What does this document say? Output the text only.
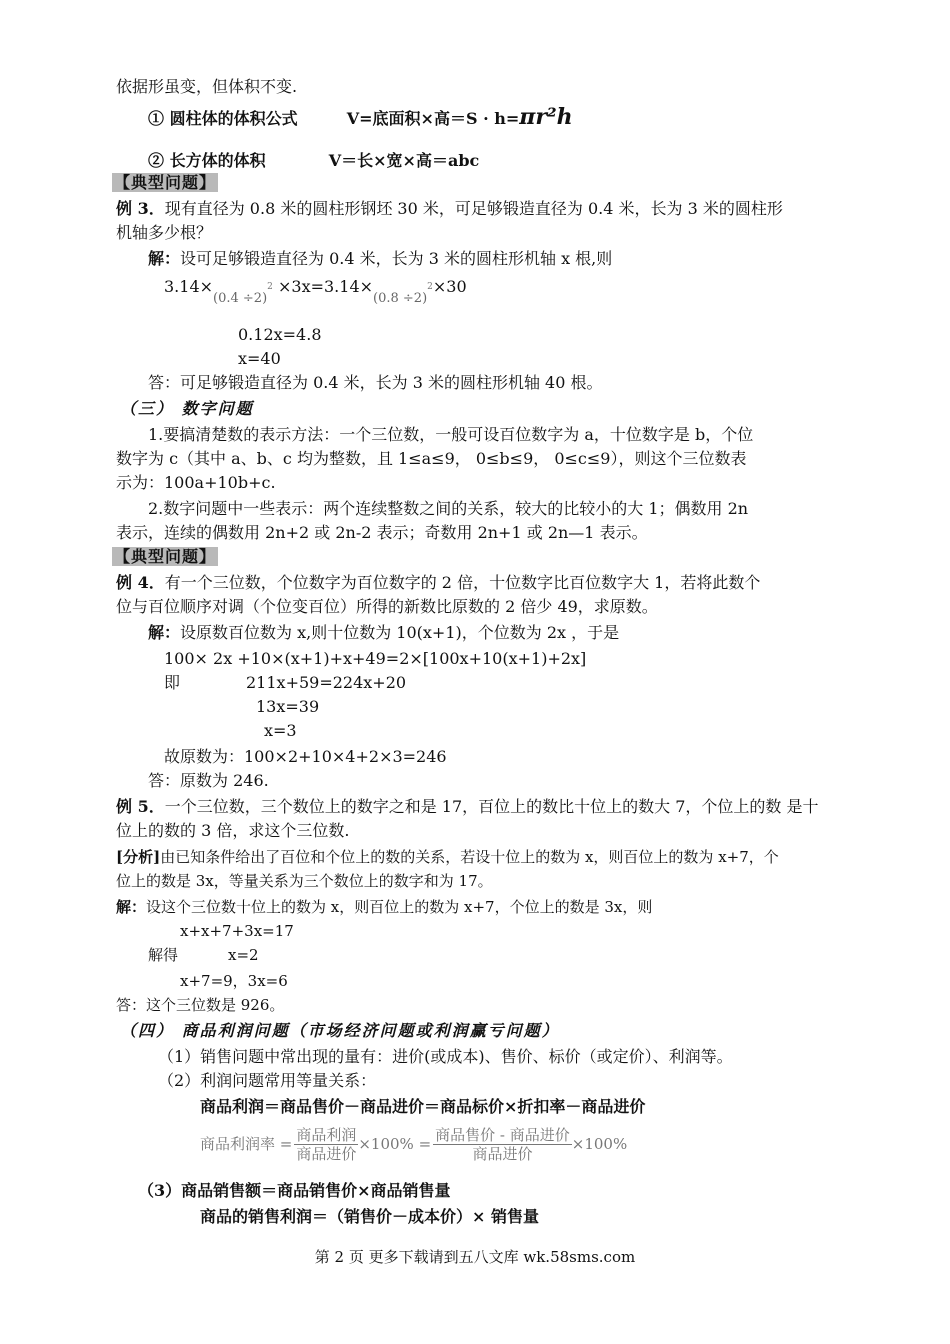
依据形虽变，但体积不变.
① 圆柱体的体积公式	V=底面积×高＝S · h=πr²h
② 长方体的体积	V＝长×宽×高＝abc
【典型问题】
例 3．现有直径为 0.8 米的圆柱形钢坯 30 米，可足够锻造直径为 0.4 米，长为 3 米的圆柱形
机轴多少根？
解：设可足够锻造直径为 0.4 米，长为 3 米的圆柱形机轴 x 根,则
$3.14\times_{(0.4 \div 2)}^2 \times 3x=3.14\times_{(0.8 \div 2)}^2\times 30$
0.12x=4.8
x=40
答：可足够锻造直径为 0.4 米，长为 3 米的圆柱形机轴 40 根。
（三） 数字问题
1.要搞清楚数的表示方法：一个三位数，一般可设百位数字为 a，十位数字是 b，个位
数字为 c（其中 a、b、c 均为整数，且 1≤a≤9， 0≤b≤9， 0≤c≤9），则这个三位数表
示为：100a+10b+c.
2.数字问题中一些表示：两个连续整数之间的关系，较大的比较小的大 1；偶数用 2n
表示，连续的偶数用 2n+2 或 2n-2 表示；奇数用 2n+1 或 2n—1 表示。
【典型问题】
例 4．有一个三位数，个位数字为百位数字的 2 倍，十位数字比百位数字大 1，若将此数个
位与百位顺序对调（个位变百位）所得的新数比原数的 2 倍少 49，求原数。
解：设原数百位数为 x,则十位数为 10(x+1)，个位数为 2x ，于是
100× 2x +10×(x+1)+x+49=2×[100x+10(x+1)+2x]
即	211x+59=224x+20
13x=39
x=3
故原数为：100×2+10×4+2×3=246
答：原数为 246.
例 5．一个三位数，三个数位上的数字之和是 17，百位上的数比十位上的数大 7，个位上的数 是十
位上的数的 3 倍，求这个三位数.
[分析]由已知条件给出了百位和个位上的数的关系，若设十位上的数为 x，则百位上的数为 x+7，个
位上的数是 3x，等量关系为三个数位上的数字和为 17。
解：设这个三位数十位上的数为 x，则百位上的数为 x+7，个位上的数是 3x，则
x+x+7+3x=17
解得	x=2
x+7=9，3x=6
答：这个三位数是 926。
（四） 商品利润问题（市场经济问题或利润赢亏问题）
（1）销售问题中常出现的量有：进价(或成本)、售价、标价（或定价）、利润等。
（2）利润问题常用等量关系：
商品利润＝商品售价－商品进价＝商品标价×折扣率－商品进价
商品利润率 = $\frac{\text{商品利润}}{\text{商品进价}} \times 100\% = \frac{\text{商品售价 - 商品进价}}{\text{商品进价}} \times 100\%$
（3）商品销售额＝商品销售价×商品销售量
商品的销售利润＝（销售价－成本价）× 销售量
第 2 页 更多下载请到五八文库 wk.58sms.com
